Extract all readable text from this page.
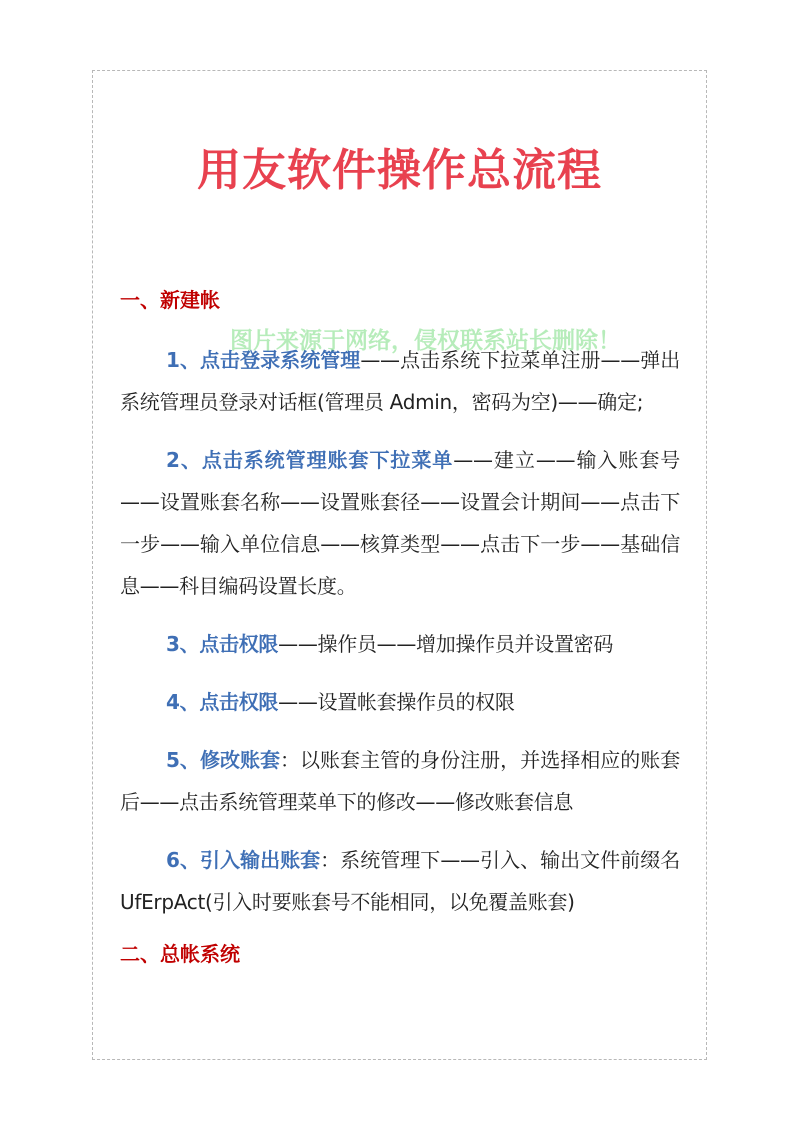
用友软件操作总流程
图片来源于网络，侵权联系站长删除！
一、新建帐

1、点击登录系统管理——点击系统下拉菜单注册——弹出系统管理员登录对话框(管理员 Admin，密码为空)——确定;

2、点击系统管理账套下拉菜单——建立——输入账套号 ——设置账套名称——设置账套径——设置会计期间——点击下一步——输入单位信息——核算类型——点击下一步——基础信息——科目编码设置长度。

3、点击权限——操作员——增加操作员并设置密码

4、点击权限——设置帐套操作员的权限

5、修改账套：以账套主管的身份注册，并选择相应的账套后——点击系统管理菜单下的修改——修改账套信息

6、引入输出账套：系统管理下——引入、输出文件前缀名 UfErpAct(引入时要账套号不能相同，以免覆盖账套)

二、总帐系统
